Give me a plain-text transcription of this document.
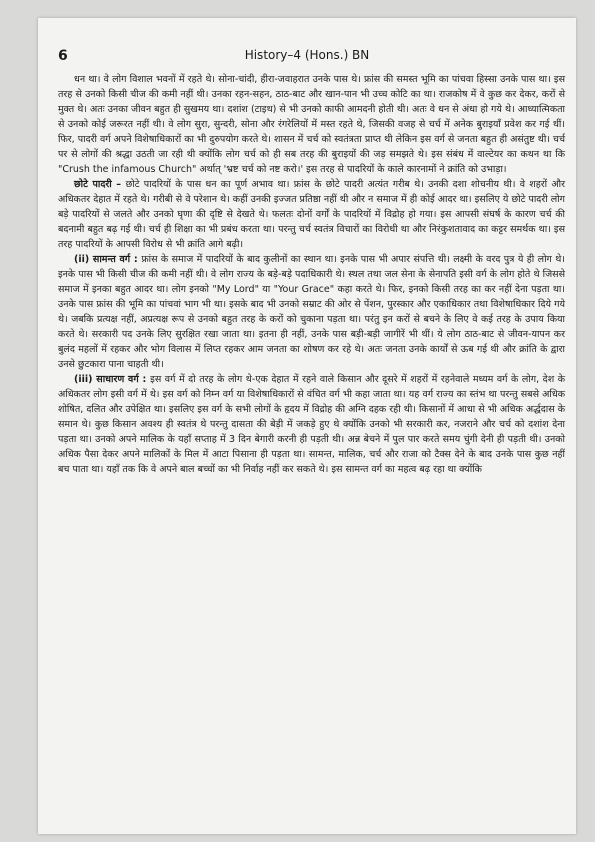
6	History–4 (Hons.) BN

धन था। वे लोग विशाल भवनों में रहते थे। सोना-चांदी, हीरा-जवाहरात उनके पास थे। फ्रांस की समस्त भूमि का पांचवा हिस्सा उनके पास था। इस तरह से उनको किसी चीज की कमी नहीं थी। उनका रहन-सहन, ठाठ-बाट और खान-पान भी उच्च कोटि का था। राजकोष में वे कुछ कर देकर, करों से मुक्त थे। अतः उनका जीवन बहुत ही सुखमय था। दशांश (टाइथ) से भी उनको काफी आमदनी होती थी। अतः वे धन से अंधा हो गये थे। आध्यात्मिकता से उनको कोई जरूरत नहीं थी। वे लोग सुरा, सुन्दरी, सोना और रंगरेलियों में मस्त रहते थे, जिसकी वजह से चर्च में अनेक बुराइयाँ प्रवेश कर गई थीं। फिर, पादरी वर्ग अपने विशेषाधिकारों का भी दुरुपयोग करते थे। शासन में चर्च को स्वतंत्रता प्राप्त थी लेकिन इस वर्ग से जनता बहुत ही असंतुष्ट थी। चर्च पर से लोगों की श्रद्धा उठती जा रही थी क्योंकि लोग चर्च को ही सब तरह की बुराइयों की जड़ समझते थे। इस संबंध में वाल्टेयर का कथन था कि "Crush the infamous Church" अर्थात् 'भ्रष्ट चर्च को नष्ट करो।' इस तरह से पादरियों के काले कारनामों ने क्रांति को उभाड़ा।

छोटे पादरी – छोटे पादरियों के पास धन का पूर्ण अभाव था। फ्रांस के छोटे पादरी अत्यंत गरीब थे। उनकी दशा शोचनीय थी। वे शहरों और अधिकतर देहात में रहते थे। गरीबी से वे परेशान थे। कहीं उनकी इज्जत प्रतिष्ठा नहीं थी और न समाज में ही कोई आदर था। इसलिए ये छोटे पादरी लोग बड़े पादरियों से जलते और उनको घृणा की दृष्टि से देखते थे। फलतः दोनों वर्गों के पादरियों में विद्रोह हो गया। इस आपसी संघर्ष के कारण चर्च की बदनामी बहुत बढ़ गई थी। चर्च ही शिक्षा का भी प्रबंध करता था। परन्तु चर्च स्वतंत्र विचारों का विरोधी था और निरंकुशतावाद का कट्टर समर्थक था। इस तरह पादरियों के आपसी विरोध से भी क्रांति आगे बढ़ी।

(ii) सामन्त वर्ग : फ्रांस के समाज में पादरियों के बाद कुलीनों का स्थान था। इनके पास भी अपार संपत्ति थी। लक्ष्मी के वरद पुत्र ये ही लोग थे। इनके पास भी किसी चीज की कमी नहीं थी। वे लोग राज्य के बड़े-बड़े पदाधिकारी थे। स्थल तथा जल सेना के सेनापति इसी वर्ग के लोग होते थे जिससे समाज में इनका बहुत आदर था। लोग इनको "My Lord" या "Your Grace" कहा करते थे। फिर, इनको किसी तरह का कर नहीं देना पड़ता था। उनके पास फ्रांस की भूमि का पांचवां भाग भी था। इसके बाद भी उनको सम्राट की ओर से पेंशन, पुरस्कार और एकाधिकार तथा विशेषाधिकार दिये गये थे। जबकि प्रत्यक्ष नहीं, अप्रत्यक्ष रूप से उनको बहुत तरह के करों को चुकाना पड़ता था। परंतु इन करों से बचने के लिए वे कई तरह के उपाय किया करते थे। सरकारी पद उनके लिए सुरक्षित रखा जाता था। इतना ही नहीं, उनके पास बड़ी-बड़ी जागीरें भी थीं। ये लोग ठाठ-बाट से जीवन-यापन कर बुलंद महलों में रहकर और भोग विलास में लिप्त रहकर आम जनता का शोषण कर रहे थे। अतः जनता उनके कार्यों से ऊब गई थी और क्रांति के द्वारा उनसे छुटकारा पाना चाहती थी।

(iii) साधारण वर्ग : इस वर्ग में दो तरह के लोग थे-एक देहात में रहने वाले किसान और दूसरे में शहरों में रहनेवाले मध्यम वर्ग के लोग, देश के अधिकतर लोग इसी वर्ग में थे। इस वर्ग को निम्न वर्ग या विशेषाधिकारों से वंचित वर्ग भी कहा जाता था। यह वर्ग राज्य का स्तंभ था परन्तु सबसे अधिक शोषित, दलित और उपेक्षित था। इसलिए इस वर्ग के सभी लोगों के हृदय में विद्रोह की अग्नि दहक रही थी। किसानों में आधा से भी अधिक अर्द्धदास के समान थे। कुछ किसान अवश्य ही स्वतंत्र थे परन्तु दासता की बेड़ी में जकड़े हुए थे क्योंकि उनको भी सरकारी कर, नजराने और चर्च को दशांश देना पड़ता था। उनको अपने मालिक के यहाँ सप्ताह में 3 दिन बेगारी करनी ही पड़ती थी। अन्न बेचने में पुल पार करते समय चुंगी देनी ही पड़ती थी। उनको अधिक पैसा देकर अपने मालिकों के मिल में आटा पिसाना ही पड़ता था। सामन्त, मालिक, चर्च और राजा को टैक्स देने के बाद उनके पास कुछ नहीं बच पाता था। यहाँ तक कि वे अपने बाल बच्चों का भी निर्वाह नहीं कर सकते थे। इस सामन्त वर्ग का महत्व बढ़ रहा था क्योंकि
